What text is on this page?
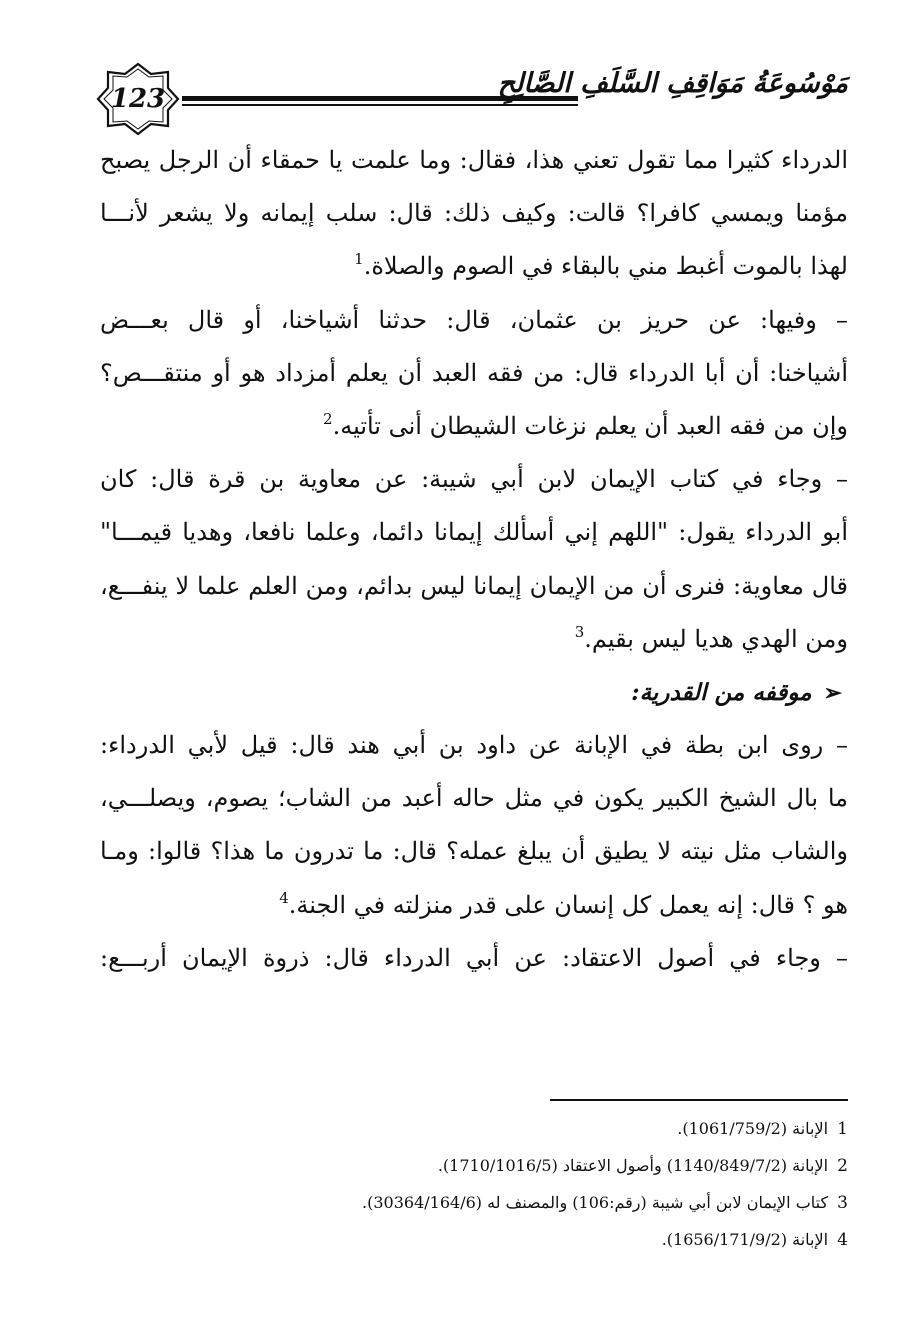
123	مَوْسُوعَةُ مَوَاقِفِ السَّلَفِ الصَّالِحِ
الدرداء كثيرا مما تقول تعني هذا، فقال: وما علمت يا حمقاء أن الرجل يصبح
مؤمنا ويمسي كافرا؟ قالت: وكيف ذلك: قال: سلب إيمانه ولا يشعر لأنـــا
لهذا بالموت أغبط مني بالبقاء في الصوم والصلاة.$^1$
– وفيها: عن حريز بن عثمان، قال: حدثنا أشياخنا، أو قال بعـــض
أشياخنا: أن أبا الدرداء قال: من فقه العبد أن يعلم أمزداد هو أو منتقـــص؟
وإن من فقه العبد أن يعلم نزغات الشيطان أنى تأتيه.$^2$
– وجاء في كتاب الإيمان لابن أبي شيبة: عن معاوية بن قرة قال: كان
أبو الدرداء يقول: "اللهم إني أسألك إيمانا دائما، وعلما نافعا، وهديا قيمـــا"
قال معاوية: فنرى أن من الإيمان إيمانا ليس بدائم، ومن العلم علما لا ينفـــع،
ومن الهدي هديا ليس بقيم.$^3$
➢موقفه من القدرية:
– روى ابن بطة في الإبانة عن داود بن أبي هند قال: قيل لأبي الدرداء:
ما بال الشيخ الكبير يكون في مثل حاله أعبد من الشاب؛ يصوم، ويصلـــي،
والشاب مثل نيته لا يطيق أن يبلغ عمله؟ قال: ما تدرون ما هذا؟ قالوا: ومـا
هو ؟ قال: إنه يعمل كل إنسان على قدر منزلته في الجنة.$^4$
– وجاء في أصول الاعتقاد: عن أبي الدرداء قال: ذروة الإيمان أربـــع:
1 الإبانة (1061/759/2).
2 الإبانة (1140/849/7/2) وأصول الاعتقاد (1710/1016/5).
3 كتاب الإيمان لابن أبي شيبة (رقم:106) والمصنف له (30364/164/6).
4 الإبانة (1656/171/9/2).
